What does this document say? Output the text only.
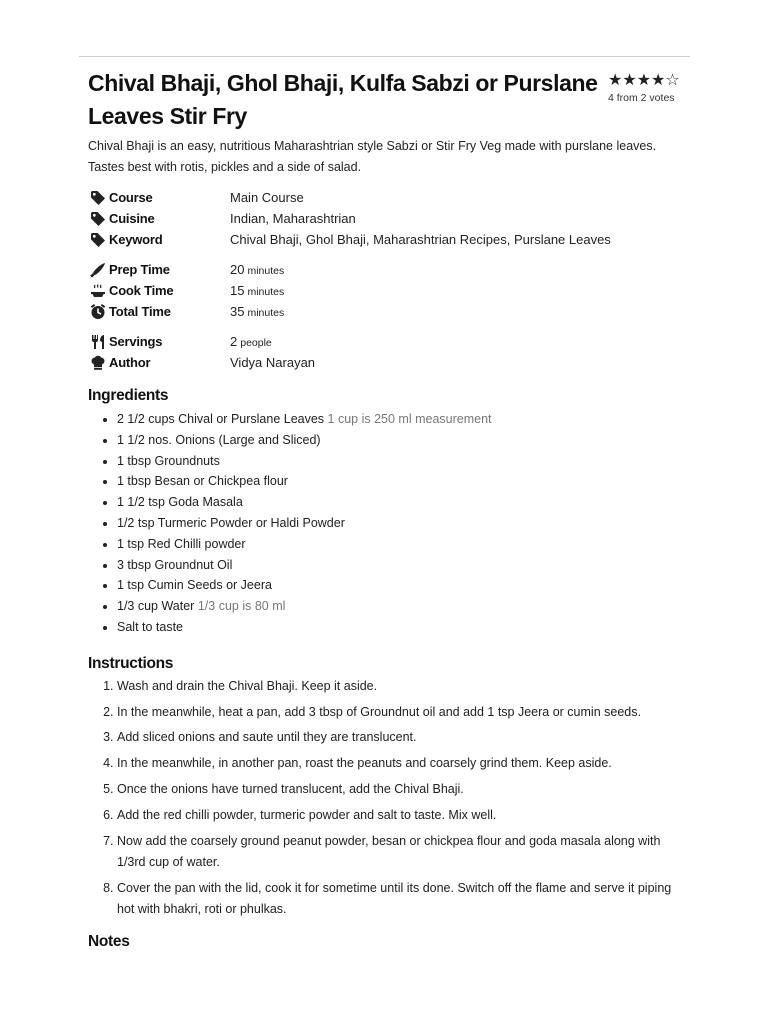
Chival Bhaji, Ghol Bhaji, Kulfa Sabzi or Purslane Leaves Stir Fry
★★★★☆
4 from 2 votes

Chival Bhaji is an easy, nutritious Maharashtrian style Sabzi or Stir Fry Veg made with purslane leaves. Tastes best with rotis, pickles and a side of salad.

Course	Main Course
Cuisine	Indian, Maharashtrian
Keyword	Chival Bhaji, Ghol Bhaji, Maharashtrian Recipes, Purslane Leaves
Prep Time	20 minutes
Cook Time	15 minutes
Total Time	35 minutes
Servings	2 people
Author	Vidya Narayan
Ingredients
• 2 1/2 cups Chival or Purslane Leaves 1 cup is 250 ml measurement
• 1 1/2 nos. Onions (Large and Sliced)
• 1 tbsp Groundnuts
• 1 tbsp Besan or Chickpea flour
• 1 1/2 tsp Goda Masala
• 1/2 tsp Turmeric Powder or Haldi Powder
• 1 tsp Red Chilli powder
• 3 tbsp Groundnut Oil
• 1 tsp Cumin Seeds or Jeera
• 1/3 cup Water 1/3 cup is 80 ml
• Salt to taste
Instructions
1. Wash and drain the Chival Bhaji. Keep it aside.
2. In the meanwhile, heat a pan, add 3 tbsp of Groundnut oil and add 1 tsp Jeera or cumin seeds.
3. Add sliced onions and saute until they are translucent.
4. In the meanwhile, in another pan, roast the peanuts and coarsely grind them. Keep aside.
5. Once the onions have turned translucent, add the Chival Bhaji.
6. Add the red chilli powder, turmeric powder and salt to taste. Mix well.
7. Now add the coarsely ground peanut powder, besan or chickpea flour and goda masala along with 1/3rd cup of water.
8. Cover the pan with the lid, cook it for sometime until its done. Switch off the flame and serve it piping hot with bhakri, roti or phulkas.
Notes
